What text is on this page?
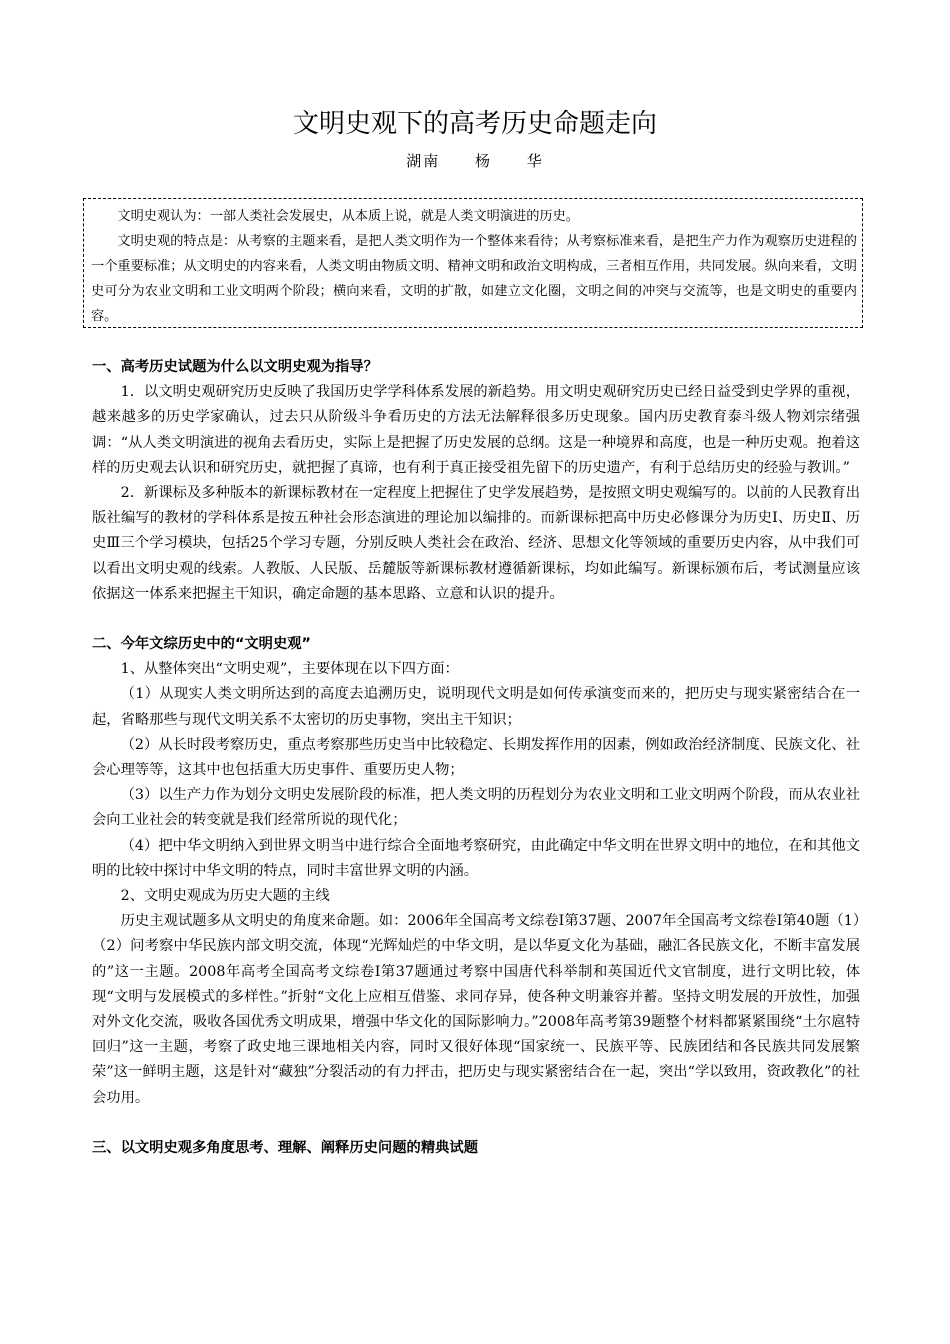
文明史观下的高考历史命题走向
湖南 杨 华

文明史观认为：一部人类社会发展史，从本质上说，就是人类文明演进的历史。

文明史观的特点是：从考察的主题来看，是把人类文明作为一个整体来看待；从考察标准来看，是把生产力作为观察历史进程的一个重要标准；从文明史的内容来看，人类文明由物质文明、精神文明和政治文明构成，三者相互作用，共同发展。纵向来看，文明史可分为农业文明和工业文明两个阶段；横向来看，文明的扩散，如建立文化圈，文明之间的冲突与交流等，也是文明史的重要内容。

一、高考历史试题为什么以文明史观为指导？

1．以文明史观研究历史反映了我国历史学学科体系发展的新趋势。用文明史观研究历史已经日益受到史学界的重视，越来越多的历史学家确认，过去只从阶级斗争看历史的方法无法解释很多历史现象。国内历史教育泰斗级人物刘宗绪强调：“从人类文明演进的视角去看历史，实际上是把握了历史发展的总纲。这是一种境界和高度，也是一种历史观。抱着这样的历史观去认识和研究历史，就把握了真谛，也有利于真正接受祖先留下的历史遗产，有利于总结历史的经验与教训。”

2．新课标及多种版本的新课标教材在一定程度上把握住了史学发展趋势，是按照文明史观编写的。以前的人民教育出版社编写的教材的学科体系是按五种社会形态演进的理论加以编排的。而新课标把高中历史必修课分为历史Ⅰ、历史Ⅱ、历史Ⅲ三个学习模块，包括25个学习专题，分别反映人类社会在政治、经济、思想文化等领域的重要历史内容，从中我们可以看出文明史观的线索。人教版、人民版、岳麓版等新课标教材遵循新课标，均如此编写。新课标颁布后，考试测量应该依据这一体系来把握主干知识，确定命题的基本思路、立意和认识的提升。

二、今年文综历史中的“文明史观”

1、从整体突出“文明史观”，主要体现在以下四方面：

（1）从现实人类文明所达到的高度去追溯历史，说明现代文明是如何传承演变而来的，把历史与现实紧密结合在一起，省略那些与现代文明关系不太密切的历史事物，突出主干知识；

（2）从长时段考察历史，重点考察那些历史当中比较稳定、长期发挥作用的因素，例如政治经济制度、民族文化、社会心理等等，这其中也包括重大历史事件、重要历史人物；

（3）以生产力作为划分文明史发展阶段的标准，把人类文明的历程划分为农业文明和工业文明两个阶段，而从农业社会向工业社会的转变就是我们经常所说的现代化；

（4）把中华文明纳入到世界文明当中进行综合全面地考察研究，由此确定中华文明在世界文明中的地位，在和其他文明的比较中探讨中华文明的特点，同时丰富世界文明的内涵。

2、文明史观成为历史大题的主线

历史主观试题多从文明史的角度来命题。如：2006年全国高考文综卷Ⅰ第37题、2007年全国高考文综卷Ⅰ第40题（1）（2）问考察中华民族内部文明交流，体现“光辉灿烂的中华文明，是以华夏文化为基础，融汇各民族文化，不断丰富发展的”这一主题。2008年高考全国高考文综卷Ⅰ第37题通过考察中国唐代科举制和英国近代文官制度，进行文明比较，体现“文明与发展模式的多样性。”折射“文化上应相互借鉴、求同存异，使各种文明兼容并蓄。坚持文明发展的开放性，加强对外文化交流，吸收各国优秀文明成果，增强中华文化的国际影响力。”2008年高考第39题整个材料都紧紧围绕“土尔扈特回归”这一主题，考察了政史地三课地相关内容，同时又很好体现“国家统一、民族平等、民族团结和各民族共同发展繁荣”这一鲜明主题，这是针对“藏独”分裂活动的有力抨击，把历史与现实紧密结合在一起，突出“学以致用，资政教化”的社会功用。

三、以文明史观多角度思考、理解、阐释历史问题的精典试题
